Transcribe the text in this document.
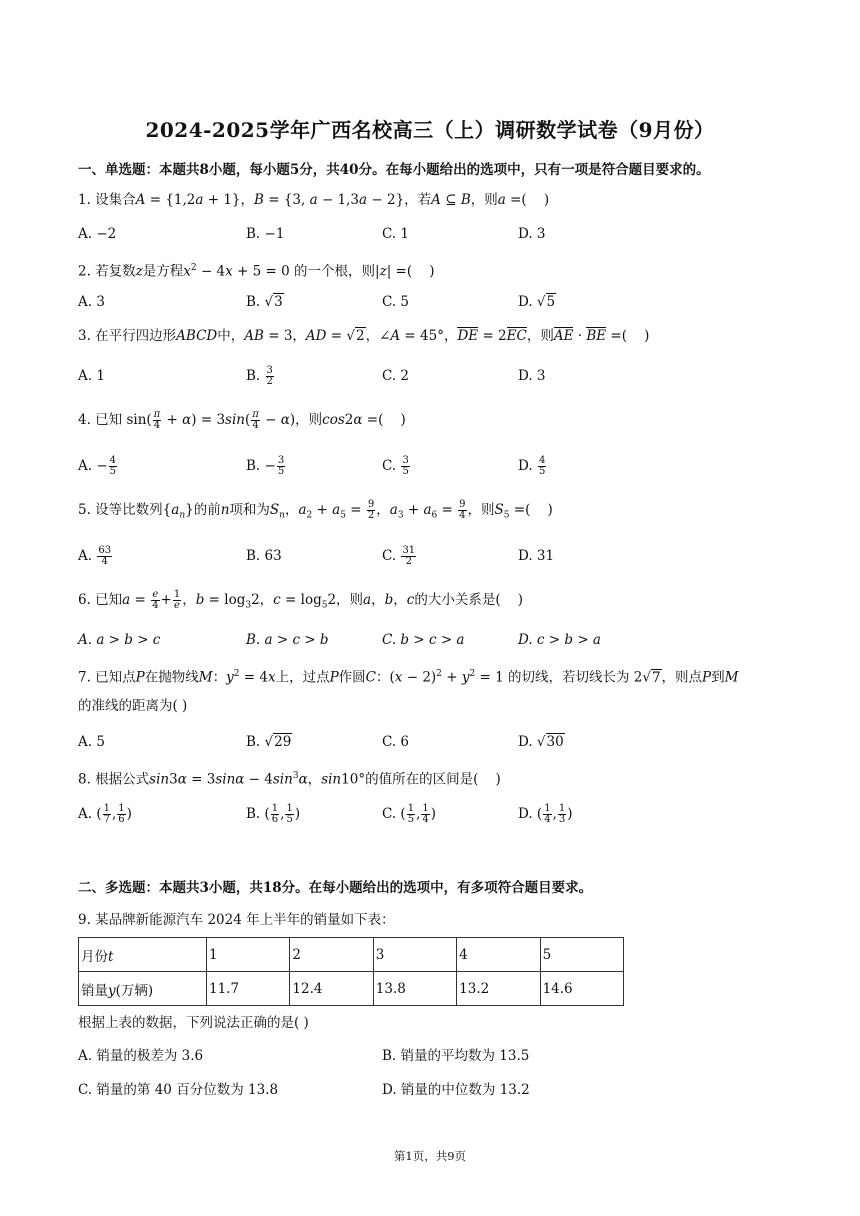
2024-2025学年广西名校高三（上）调研数学试卷（9月份）
一、单选题：本题共8小题，每小题5分，共40分。在每小题给出的选项中，只有一项是符合题目要求的。
1. 设集合A = {1,2a + 1}，B = {3, a − 1,3a − 2}，若A ⊆ B，则a =(    )
A. −2	B. −1	C. 1	D. 3
2. 若复数z是方程$x^2 - 4x + 5 = 0$ 的一个根，则|z| =(    )
A. 3	B. √3	C. 5	D. √5
3. 在平行四边形ABCD中，AB = 3，AD = √2，∠A = 45°，DE = 2EC，则AE · BE =(    )
A. 1	B. $\frac{3}{2}$	C. 2	D. 3
4. 已知 $\sin( \frac{\pi}{4} + \alpha) = 3\sin( \frac{\pi}{4} - \alpha)$，则cos2α =(    )
A. − $\frac{4}{5}$	B. − $\frac{3}{5}$	C. $\frac{3}{5}$	D. $\frac{4}{5}$
5. 设等比数列$\{a_n\}$的前n项和为$S_n$，$a_2 + a_5 = \frac{9}{2}$ ，$a_3 + a_6 = \frac{9}{4}$ ，则$S_5$ =(    )
A. $\frac{63}{4}$	B. 63	C. $\frac{31}{2}$	D. 31
6. 已知$a = \frac{e}{4} + \frac{1}{e}$ ，$b = \log_32$，$c = \log_52$，则a，b，c的大小关系是(    )
A. a > b > c	B. a > c > b	C. b > c > a	D. c > b > a
7. 已知点P在抛物线M：$y^2 = 4x$上，过点P作圆C：$(x - 2)^2 + y^2 = 1$ 的切线，若切线长为 2√7，则点P到M
的准线的距离为( )
A. 5	B. √29	C. 6	D. √30
8. 根据公式$\sin 3\alpha = 3\sin\alpha - 4\sin^3\alpha$，sin10°的值所在的区间是(    )
A. ( $\frac{1}{7}$ , $\frac{1}{6}$ )	B. ( $\frac{1}{6}$ , $\frac{1}{5}$ )	C. ( $\frac{1}{5}$ , $\frac{1}{4}$ )	D. ( $\frac{1}{4}$ , $\frac{1}{3}$ )
二、多选题：本题共3小题，共18分。在每小题给出的选项中，有多项符合题目要求。
9. 某品牌新能源汽车 2024 年上半年的销量如下表：
月份t	1	2	3	4	5
销量y(万辆)	11.7	12.4	13.8	13.2	14.6
根据上表的数据，下列说法正确的是( )
A. 销量的极差为 3.6	B. 销量的平均数为 13.5
C. 销量的第 40 百分位数为 13.8	D. 销量的中位数为 13.2
第1页，共9页
